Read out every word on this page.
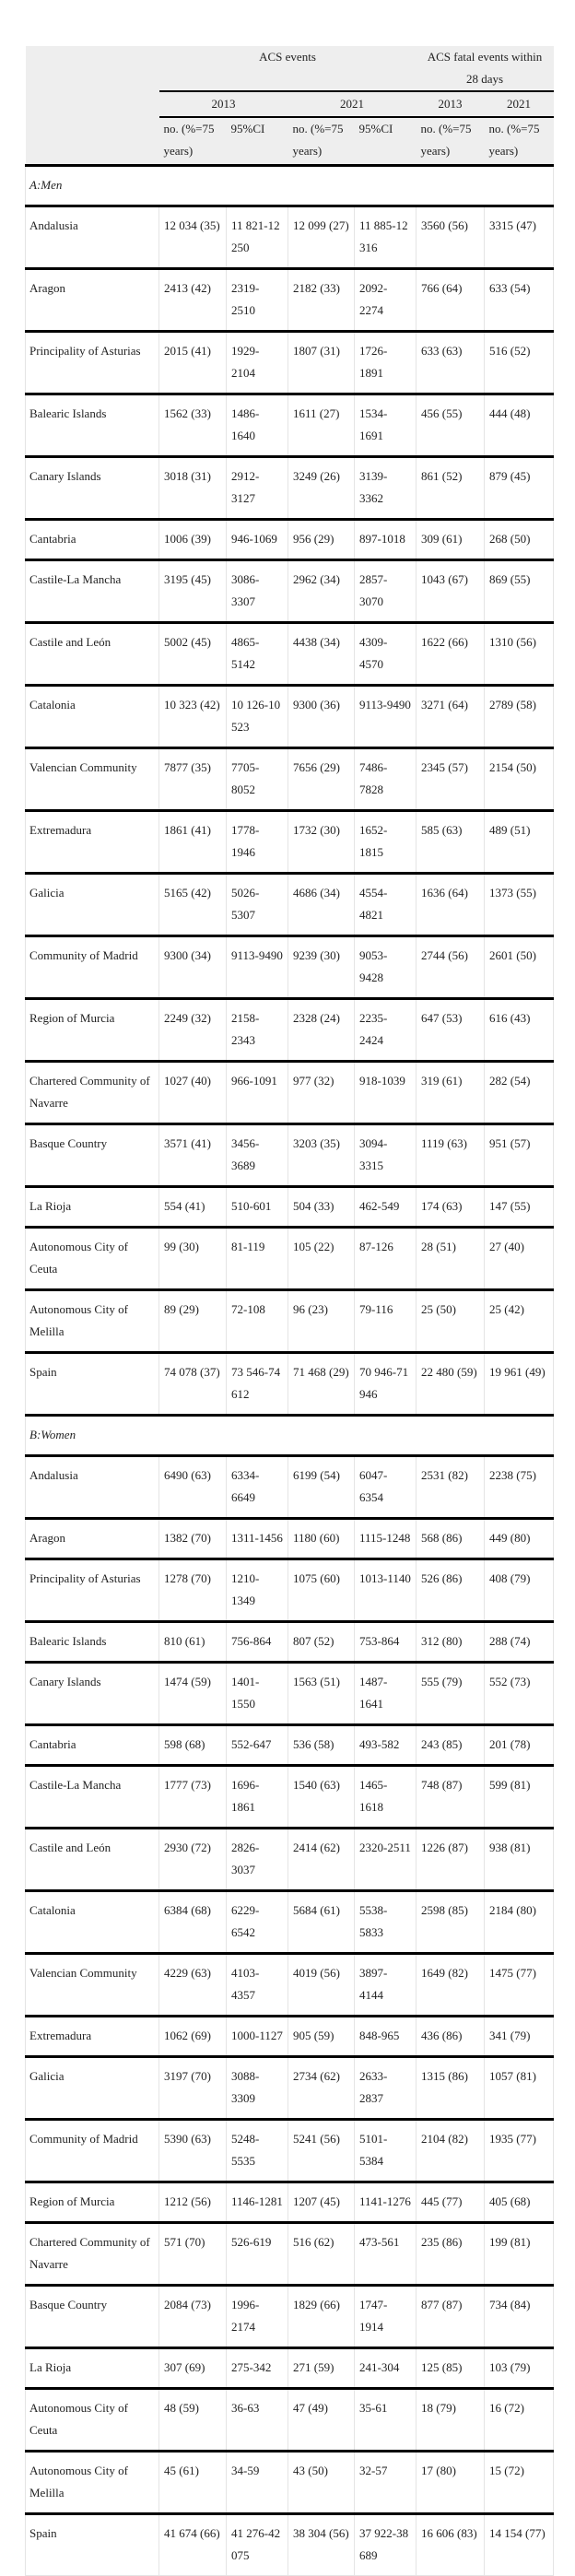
	ACS events				ACS fatal events within 28 days	
	2013		2021		2013	2021
	no. (%=75 years)	95%CI	no. (%=75 years)	95%CI	no. (%=75 years)	no. (%=75 years)
A:Men						
Andalusia	12 034 (35)	11 821-12 250	12 099 (27)	11 885-12 316	3560 (56)	3315 (47)
Aragon	2413 (42)	2319-2510	2182 (33)	2092-2274	766 (64)	633 (54)
Principality of Asturias	2015 (41)	1929-2104	1807 (31)	1726-1891	633 (63)	516 (52)
Balearic Islands	1562 (33)	1486-1640	1611 (27)	1534-1691	456 (55)	444 (48)
Canary Islands	3018 (31)	2912-3127	3249 (26)	3139-3362	861 (52)	879 (45)
Cantabria	1006 (39)	946-1069	956 (29)	897-1018	309 (61)	268 (50)
Castile-La Mancha	3195 (45)	3086-3307	2962 (34)	2857-3070	1043 (67)	869 (55)
Castile and León	5002 (45)	4865-5142	4438 (34)	4309-4570	1622 (66)	1310 (56)
Catalonia	10 323 (42)	10 126-10 523	9300 (36)	9113-9490	3271 (64)	2789 (58)
Valencian Community	7877 (35)	7705-8052	7656 (29)	7486-7828	2345 (57)	2154 (50)
Extremadura	1861 (41)	1778-1946	1732 (30)	1652-1815	585 (63)	489 (51)
Galicia	5165 (42)	5026-5307	4686 (34)	4554-4821	1636 (64)	1373 (55)
Community of Madrid	9300 (34)	9113-9490	9239 (30)	9053-9428	2744 (56)	2601 (50)
Region of Murcia	2249 (32)	2158-2343	2328 (24)	2235-2424	647 (53)	616 (43)
Chartered Community of Navarre	1027 (40)	966-1091	977 (32)	918-1039	319 (61)	282 (54)
Basque Country	3571 (41)	3456-3689	3203 (35)	3094-3315	1119 (63)	951 (57)
La Rioja	554 (41)	510-601	504 (33)	462-549	174 (63)	147 (55)
Autonomous City of Ceuta	99 (30)	81-119	105 (22)	87-126	28 (51)	27 (40)
Autonomous City of Melilla	89 (29)	72-108	96 (23)	79-116	25 (50)	25 (42)
Spain	74 078 (37)	73 546-74 612	71 468 (29)	70 946-71 946	22 480 (59)	19 961 (49)
B:Women						
Andalusia	6490 (63)	6334-6649	6199 (54)	6047-6354	2531 (82)	2238 (75)
Aragon	1382 (70)	1311-1456	1180 (60)	1115-1248	568 (86)	449 (80)
Principality of Asturias	1278 (70)	1210-1349	1075 (60)	1013-1140	526 (86)	408 (79)
Balearic Islands	810 (61)	756-864	807 (52)	753-864	312 (80)	288 (74)
Canary Islands	1474 (59)	1401-1550	1563 (51)	1487-1641	555 (79)	552 (73)
Cantabria	598 (68)	552-647	536 (58)	493-582	243 (85)	201 (78)
Castile-La Mancha	1777 (73)	1696-1861	1540 (63)	1465-1618	748 (87)	599 (81)
Castile and León	2930 (72)	2826-3037	2414 (62)	2320-2511	1226 (87)	938 (81)
Catalonia	6384 (68)	6229-6542	5684 (61)	5538-5833	2598 (85)	2184 (80)
Valencian Community	4229 (63)	4103-4357	4019 (56)	3897-4144	1649 (82)	1475 (77)
Extremadura	1062 (69)	1000-1127	905 (59)	848-965	436 (86)	341 (79)
Galicia	3197 (70)	3088-3309	2734 (62)	2633-2837	1315 (86)	1057 (81)
Community of Madrid	5390 (63)	5248-5535	5241 (56)	5101-5384	2104 (82)	1935 (77)
Region of Murcia	1212 (56)	1146-1281	1207 (45)	1141-1276	445 (77)	405 (68)
Chartered Community of Navarre	571 (70)	526-619	516 (62)	473-561	235 (86)	199 (81)
Basque Country	2084 (73)	1996-2174	1829 (66)	1747-1914	877 (87)	734 (84)
La Rioja	307 (69)	275-342	271 (59)	241-304	125 (85)	103 (79)
Autonomous City of Ceuta	48 (59)	36-63	47 (49)	35-61	18 (79)	16 (72)
Autonomous City of Melilla	45 (61)	34-59	43 (50)	32-57	17 (80)	15 (72)
Spain	41 674 (66)	41 276-42 075	38 304 (56)	37 922-38 689	16 606 (83)	14 154 (77)
